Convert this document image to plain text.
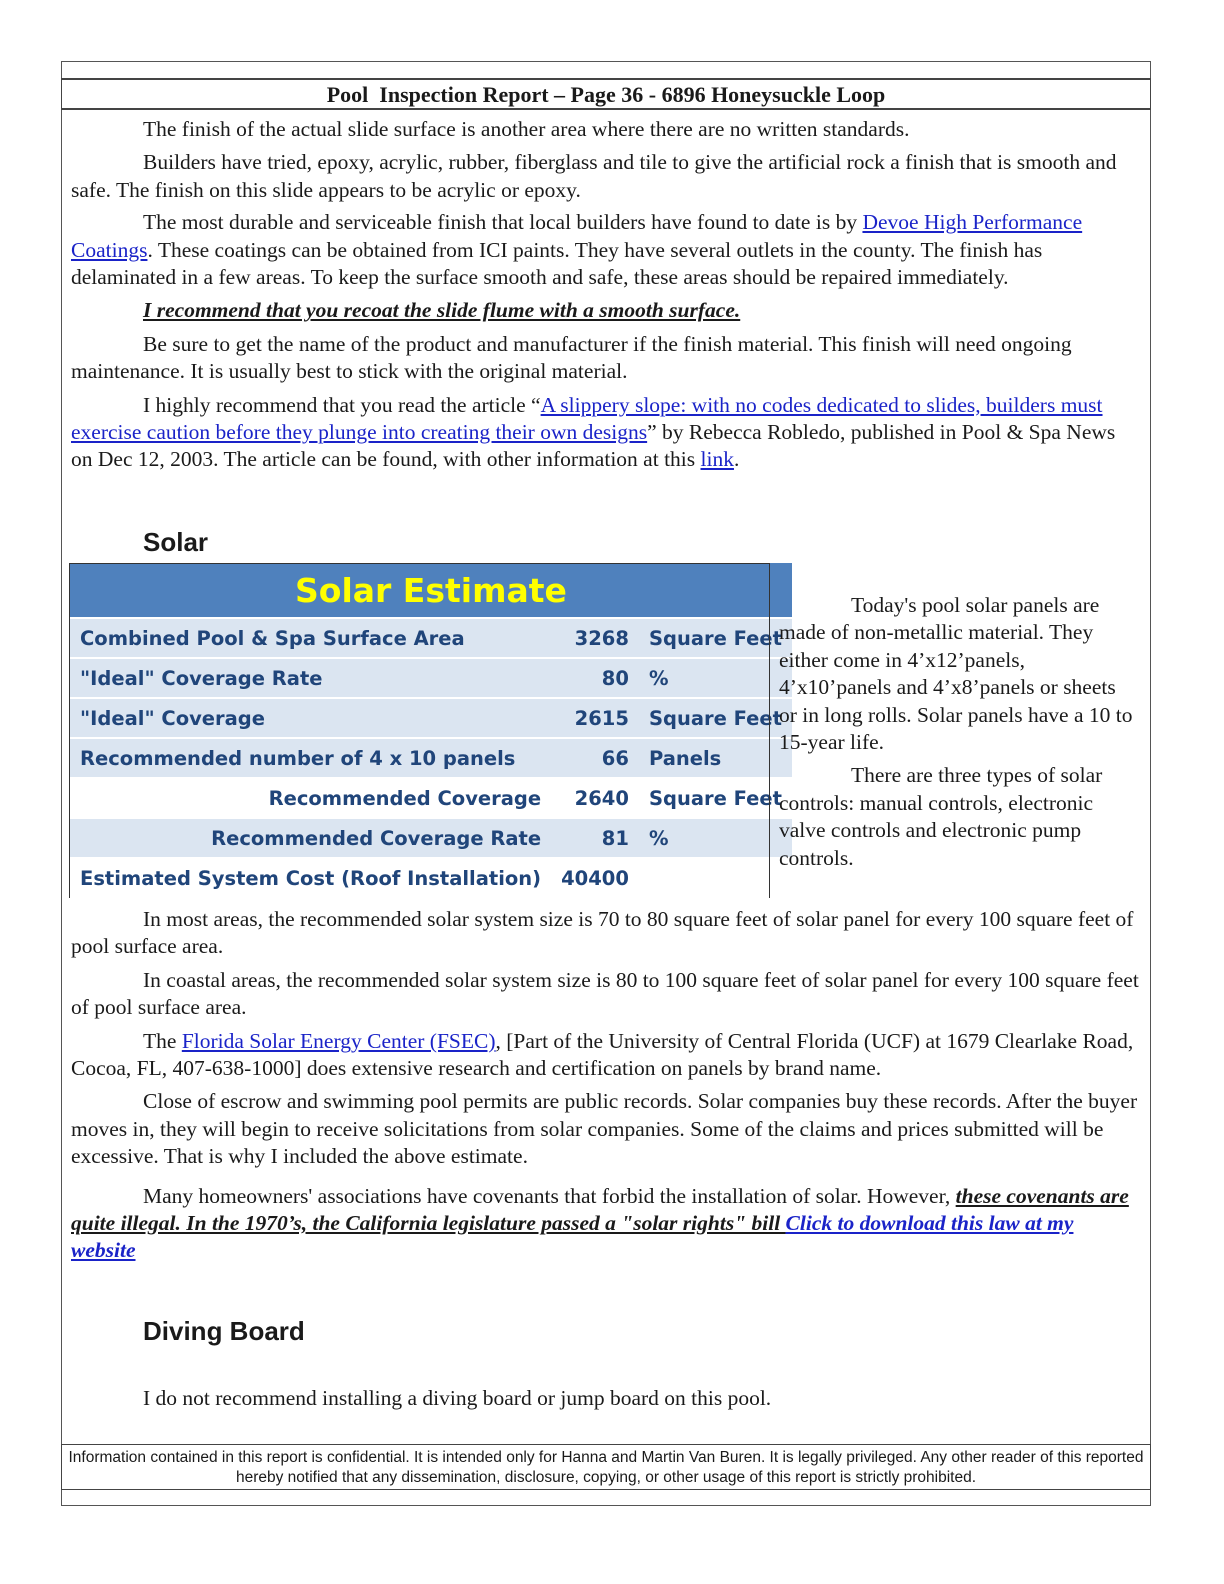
Pool  Inspection Report – Page 36 - 6896 Honeysuckle Loop

The finish of the actual slide surface is another area where there are no written standards.

Builders have tried, epoxy, acrylic, rubber, fiberglass and tile to give the artificial rock a finish that is smooth and safe. The finish on this slide appears to be acrylic or epoxy.

The most durable and serviceable finish that local builders have found to date is by Devoe High Performance Coatings. These coatings can be obtained from ICI paints. They have several outlets in the county. The finish has delaminated in a few areas. To keep the surface smooth and safe, these areas should be repaired immediately.

I recommend that you recoat the slide flume with a smooth surface.

Be sure to get the name of the product and manufacturer if the finish material. This finish will need ongoing maintenance. It is usually best to stick with the original material.

I highly recommend that you read the article “A slippery slope: with no codes dedicated to slides, builders must exercise caution before they plunge into creating their own designs” by Rebecca Robledo, published in Pool & Spa News on Dec 12, 2003. The article can be found, with other information at this link.

Solar
Solar Estimate		
Combined Pool & Spa Surface Area	3268	Square Feet
"Ideal" Coverage Rate	80	%
"Ideal" Coverage	2615	Square Feet
Recommended number of 4 x 10 panels	66	Panels
Recommended Coverage	2640	Square Feet
Recommended Coverage Rate	81	%
Estimated System Cost (Roof Installation)	40400	

Today's pool solar panels are made of non-metallic material. They either come in 4’x12’panels, 4’x10’panels and 4’x8’panels or sheets or in long rolls. Solar panels have a 10 to 15-year life.

There are three types of solar controls: manual controls, electronic valve controls and electronic pump controls.

In most areas, the recommended solar system size is 70 to 80 square feet of solar panel for every 100 square feet of pool surface area.

In coastal areas, the recommended solar system size is 80 to 100 square feet of solar panel for every 100 square feet of pool surface area.

The Florida Solar Energy Center (FSEC), [Part of the University of Central Florida (UCF) at 1679 Clearlake Road, Cocoa, FL, 407-638-1000] does extensive research and certification on panels by brand name.

Close of escrow and swimming pool permits are public records. Solar companies buy these records. After the buyer moves in, they will begin to receive solicitations from solar companies. Some of the claims and prices submitted will be excessive. That is why I included the above estimate.

Many homeowners' associations have covenants that forbid the installation of solar. However, these covenants are quite illegal. In the 1970’s, the California legislature passed a "solar rights" bill Click to download this law at my website

Diving Board

I do not recommend installing a diving board or jump board on this pool.

Information contained in this report is confidential. It is intended only for Hanna and Martin Van Buren. It is legally privileged. Any other reader of this reported hereby notified that any dissemination, disclosure, copying, or other usage of this report is strictly prohibited.
